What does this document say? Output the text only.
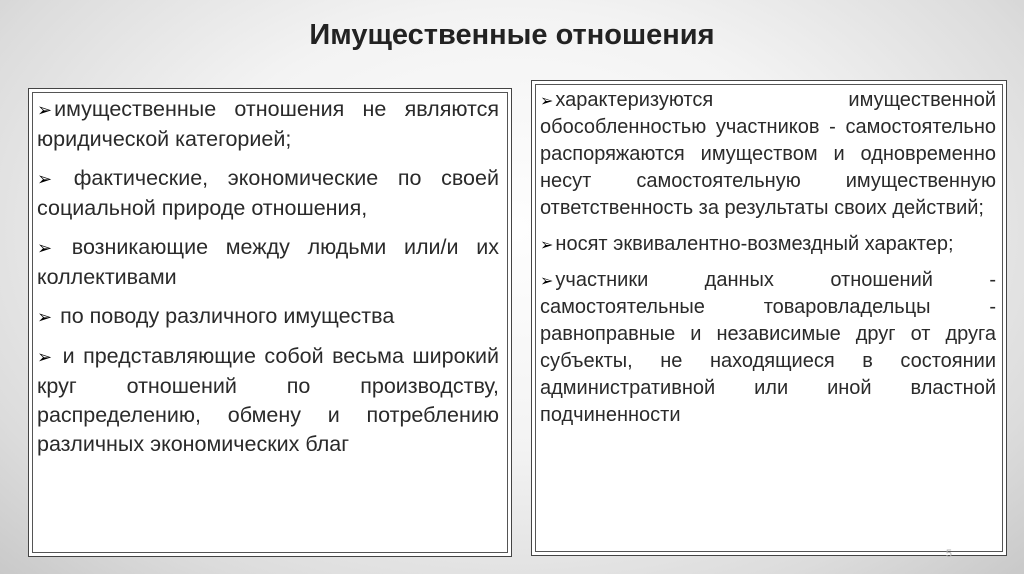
Имущественные отношения
➢имущественные отношения не являются юридической категорией;
➢ фактические, экономические по своей социальной природе отношения,
➢ возникающие между людьми или/и их коллективами
➢ по поводу различного имущества
➢ и представляющие собой весьма широкий круг отношений по производству, распределению, обмену и потреблению различных экономических благ
➢ характеризуются имущественной обособленностью участников - самостоятельно распоряжаются имуществом и одновременно несут самостоятельную имущественную ответственность за результаты своих действий;
➢ носят эквивалентно-возмездный характер;
➢ участники данных отношений - самостоятельные товаровладельцы - равноправные и независимые друг от друга субъекты, не находящиеся в состоянии административной или иной властной подчиненности
5
